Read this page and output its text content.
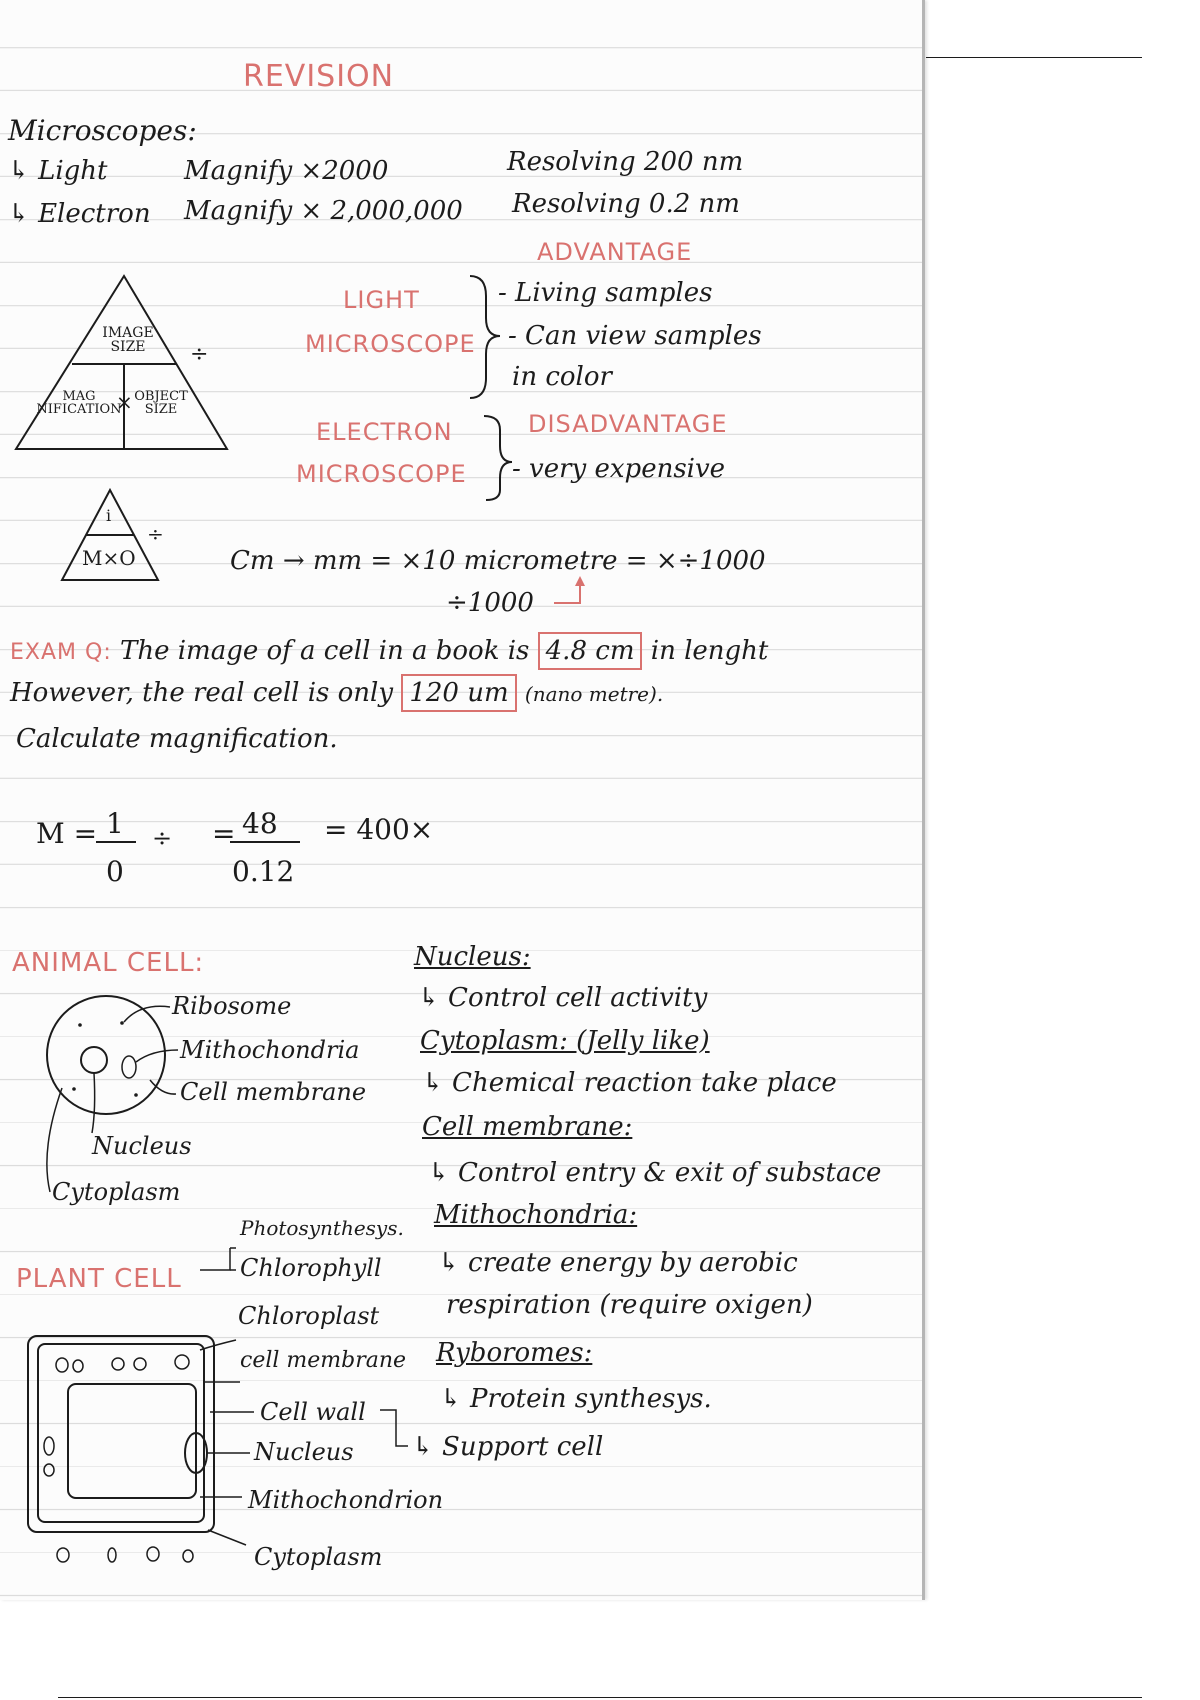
REVISION
Microscopes:
↳ Light	Magnify ×2000	Resolving 200 nm
↳ Electron Magnify × 2,000,000 Resolving 0.2 nm
i
M×O
÷
IMAGE SIZE
MAG NIFICATION
OBJECT SIZE
÷
×
LIGHT
MICROSCOPE
ADVANTAGE
- Living samples
- Can view samples
in color
ELECTRON
MICROSCOPE
DISADVANTAGE
- very expensive
Cm → mm = ×10 micrometre = ×÷1000
÷1000
EXAM Q: The image of a cell in a book is 4.8 cm in lenght
However, the real cell is only 120 um (nano metre).
Calculate magnification.
M = 1
0
÷ = 48
0.12
= 400×
ANIMAL CELL:
Ribosome
Mithochondria
Cell membrane
Nucleus
Cytoplasm
Nucleus:
↳ Control cell activity
Cytoplasm: (Jelly like)
↳ Chemical reaction take place
Cell membrane:
↳ Control entry & exit of substace
Mithochondria:
↳ create energy by aerobic
respiration (require oxigen)
Ryboromes:
↳ Protein synthesys.
PLANT CELL
Photosynthesys.
Chlorophyll
Chloroplast
cell membrane
Cell wall
Nucleus
Mithochondrion
Cytoplasm
↳ Support cell
